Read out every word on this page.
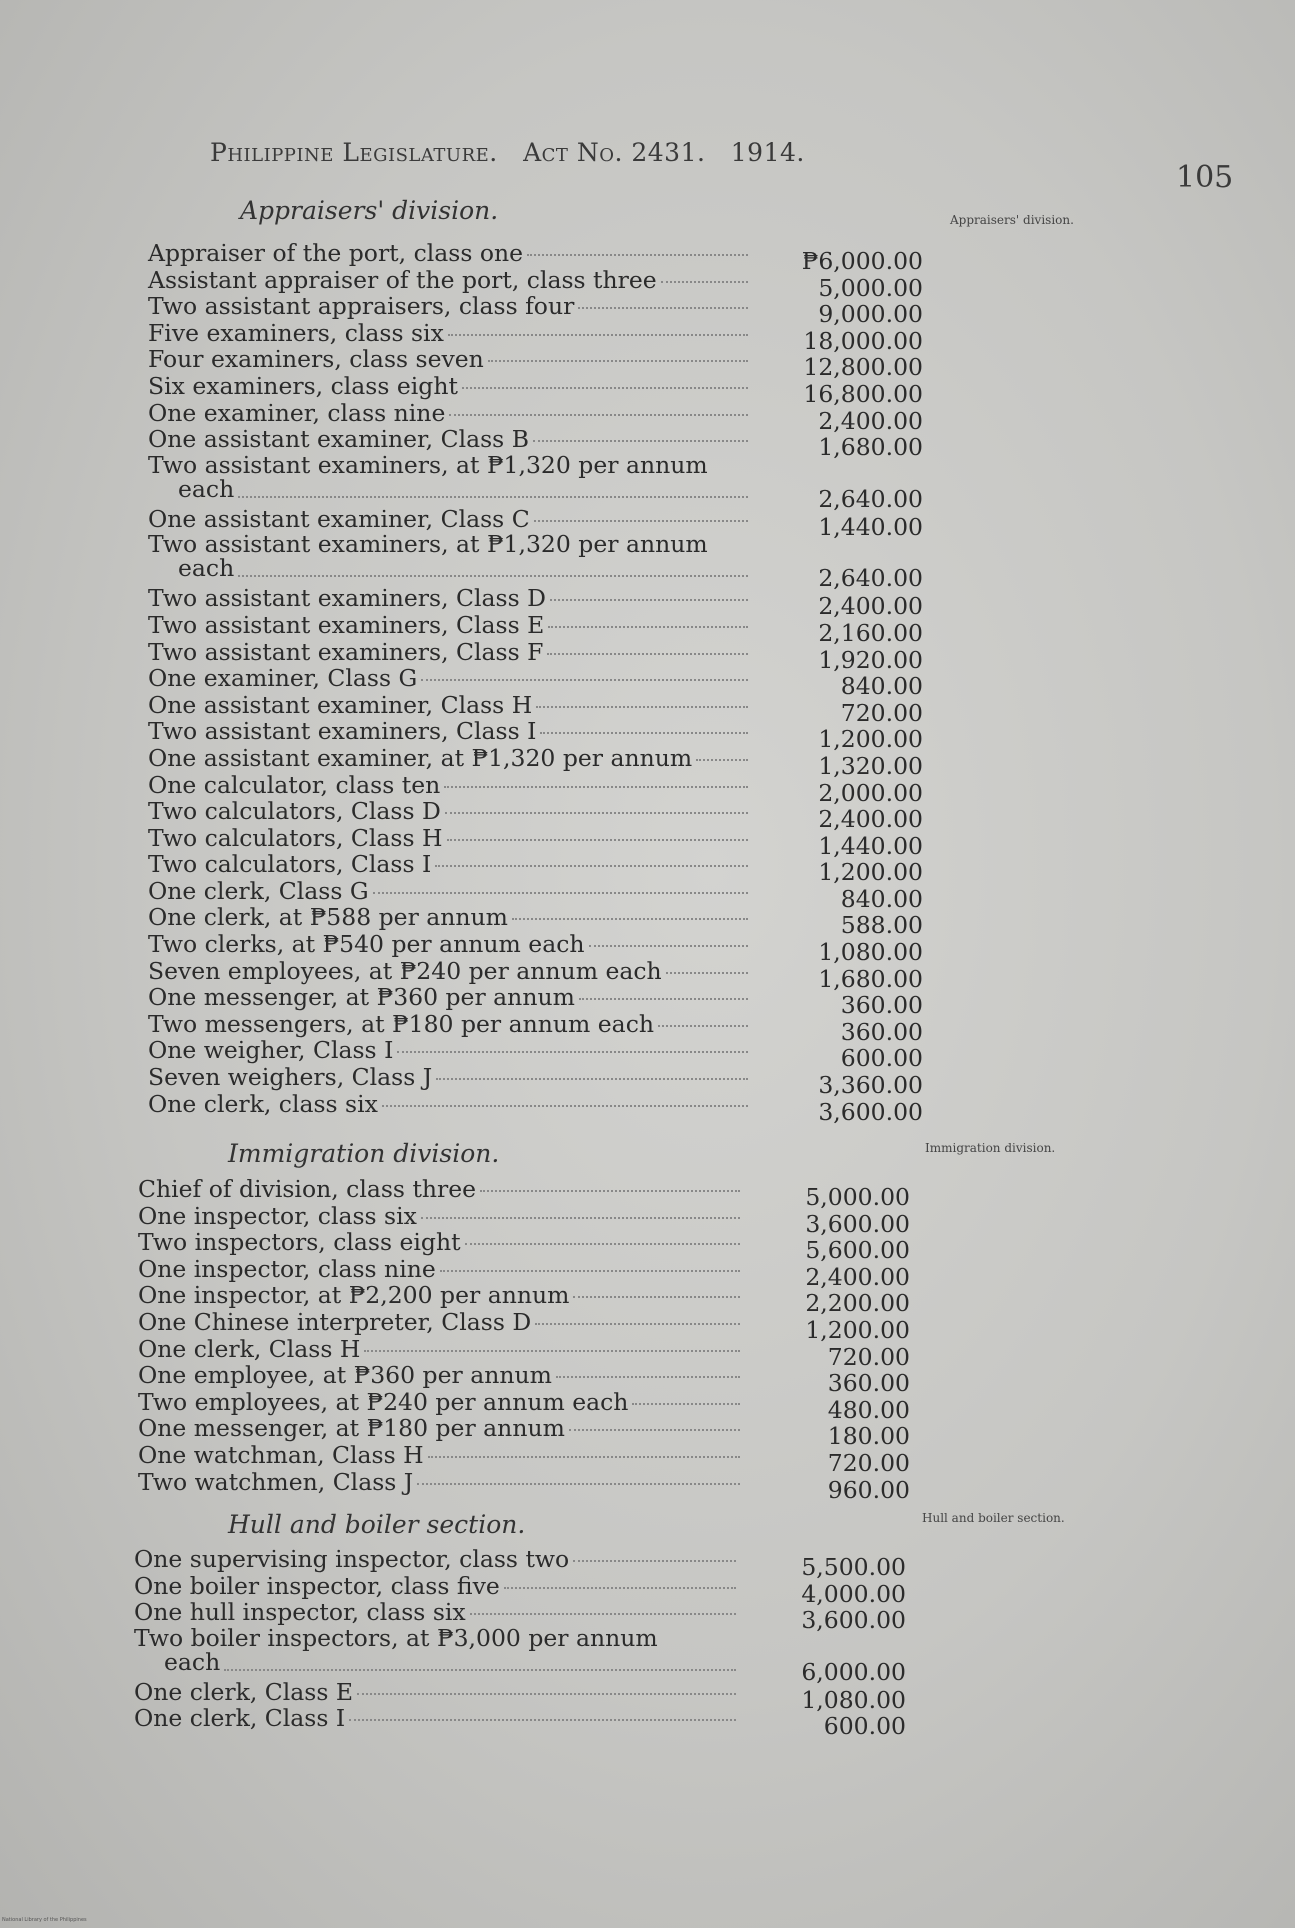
Philippine Legislature. Act No. 2431. 1914.
105
Appraisers' division.	Appraisers' division.
Appraiser of the port, class one	₱6,000.00
Assistant appraiser of the port, class three	5,000.00
Two assistant appraisers, class four	9,000.00
Five examiners, class six	18,000.00
Four examiners, class seven	12,800.00
Six examiners, class eight	16,800.00
One examiner, class nine	2,400.00
One assistant examiner, Class B	1,680.00
Two assistant examiners, at ₱1,320 per annum
each	2,640.00
One assistant examiner, Class C	1,440.00
Two assistant examiners, at ₱1,320 per annum
each	2,640.00
Two assistant examiners, Class D	2,400.00
Two assistant examiners, Class E	2,160.00
Two assistant examiners, Class F	1,920.00
One examiner, Class G	840.00
One assistant examiner, Class H	720.00
Two assistant examiners, Class I	1,200.00
One assistant examiner, at ₱1,320 per annum	1,320.00
One calculator, class ten	2,000.00
Two calculators, Class D	2,400.00
Two calculators, Class H	1,440.00
Two calculators, Class I	1,200.00
One clerk, Class G	840.00
One clerk, at ₱588 per annum	588.00
Two clerks, at ₱540 per annum each	1,080.00
Seven employees, at ₱240 per annum each	1,680.00
One messenger, at ₱360 per annum	360.00
Two messengers, at ₱180 per annum each	360.00
One weigher, Class I	600.00
Seven weighers, Class J	3,360.00
One clerk, class six	3,600.00
Immigration division.	Immigration division.
Chief of division, class three	5,000.00
One inspector, class six	3,600.00
Two inspectors, class eight	5,600.00
One inspector, class nine	2,400.00
One inspector, at ₱2,200 per annum	2,200.00
One Chinese interpreter, Class D	1,200.00
One clerk, Class H	720.00
One employee, at ₱360 per annum	360.00
Two employees, at ₱240 per annum each	480.00
One messenger, at ₱180 per annum	180.00
One watchman, Class H	720.00
Two watchmen, Class J	960.00
Hull and boiler section.	Hull and boiler section.
One supervising inspector, class two	5,500.00
One boiler inspector, class five	4,000.00
One hull inspector, class six	3,600.00
Two boiler inspectors, at ₱3,000 per annum
each	6,000.00
One clerk, Class E	1,080.00
One clerk, Class I	600.00
National Library of the Philippines
